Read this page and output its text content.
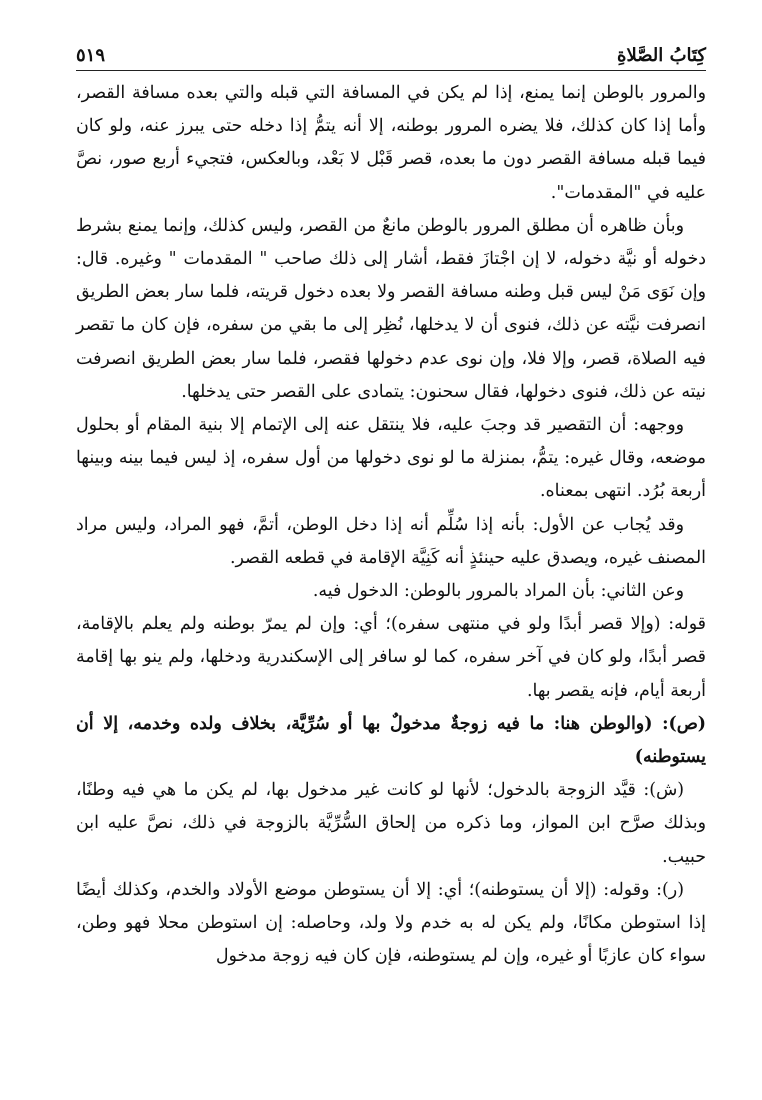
كِتَابُ الصَّلاةِ
٥١٩

والمرور بالوطن إنما يمنع، إذا لم يكن في المسافة التي قبله والتي بعده مسافة القصر، وأما إذا كان كذلك، فلا يضره المرور بوطنه، إلا أنه يتمُّ إذا دخله حتى يبرز عنه، ولو كان فيما قبله مسافة القصر دون ما بعده، قصر قَبْل لا بَعْد، وبالعكس، فتجيء أربع صور، نصَّ عليه في "المقدمات".

وبأن ظاهره أن مطلق المرور بالوطن مانعٌ من القصر، وليس كذلك، وإنما يمنع بشرط دخوله أو نيَّة دخوله، لا إن اجْتازَ فقط، أشار إلى ذلك صاحب " المقدمات " وغيره. قال: وإن نَوَى مَنْ ليس قبل وطنه مسافة القصر ولا بعده دخول قريته، فلما سار بعض الطريق انصرفت نيَّته عن ذلك، فنوى أن لا يدخلها، نُظِر إلى ما بقي من سفره، فإن كان ما تقصر فيه الصلاة، قصر، وإلا فلا، وإن نوى عدم دخولها فقصر، فلما سار بعض الطريق انصرفت نيته عن ذلك، فنوى دخولها، فقال سحنون: يتمادى على القصر حتى يدخلها.

ووجهه: أن التقصير قد وجبَ عليه، فلا ينتقل عنه إلى الإتمام إلا بنية المقام أو بحلول موضعه، وقال غيره: يتمُّ، بمنزلة ما لو نوى دخولها من أول سفره، إذ ليس فيما بينه وبينها أربعة بُرُد. انتهى بمعناه.

وقد يُجاب عن الأول: بأنه إذا سُلِّم أنه إذا دخل الوطن، أتمَّ، فهو المراد، وليس مراد المصنف غيره، ويصدق عليه حينئذٍ أنه كَنِيَّة الإقامة في قطعه القصر.

وعن الثاني: بأن المراد بالمرور بالوطن: الدخول فيه.

قوله: (وإلا قصر أبدًا ولو في منتهى سفره)؛ أي: وإن لم يمرّ بوطنه ولم يعلم بالإقامة، قصر أبدًا، ولو كان في آخر سفره، كما لو سافر إلى الإسكندرية ودخلها، ولم ينو بها إقامة أربعة أيام، فإنه يقصر بها.

(ص): (والوطن هنا: ما فيه زوجةٌ مدخولٌ بها أو سُرِّيَّة، بخلاف ولده وخدمه، إلا أن يستوطنه)

(ش): قيَّد الزوجة بالدخول؛ لأنها لو كانت غير مدخول بها، لم يكن ما هي فيه وطنًا، وبذلك صرَّح ابن المواز، وما ذكره من إلحاق السُّرِّيَّة بالزوجة في ذلك، نصَّ عليه ابن حبيب.

(ر): وقوله: (إلا أن يستوطنه)؛ أي: إلا أن يستوطن موضع الأولاد والخدم، وكذلك أيضًا إذا استوطن مكانًا، ولم يكن له به خدم ولا ولد، وحاصله: إن استوطن محلا فهو وطن، سواء كان عازبًا أو غيره، وإن لم يستوطنه، فإن كان فيه زوجة مدخول
